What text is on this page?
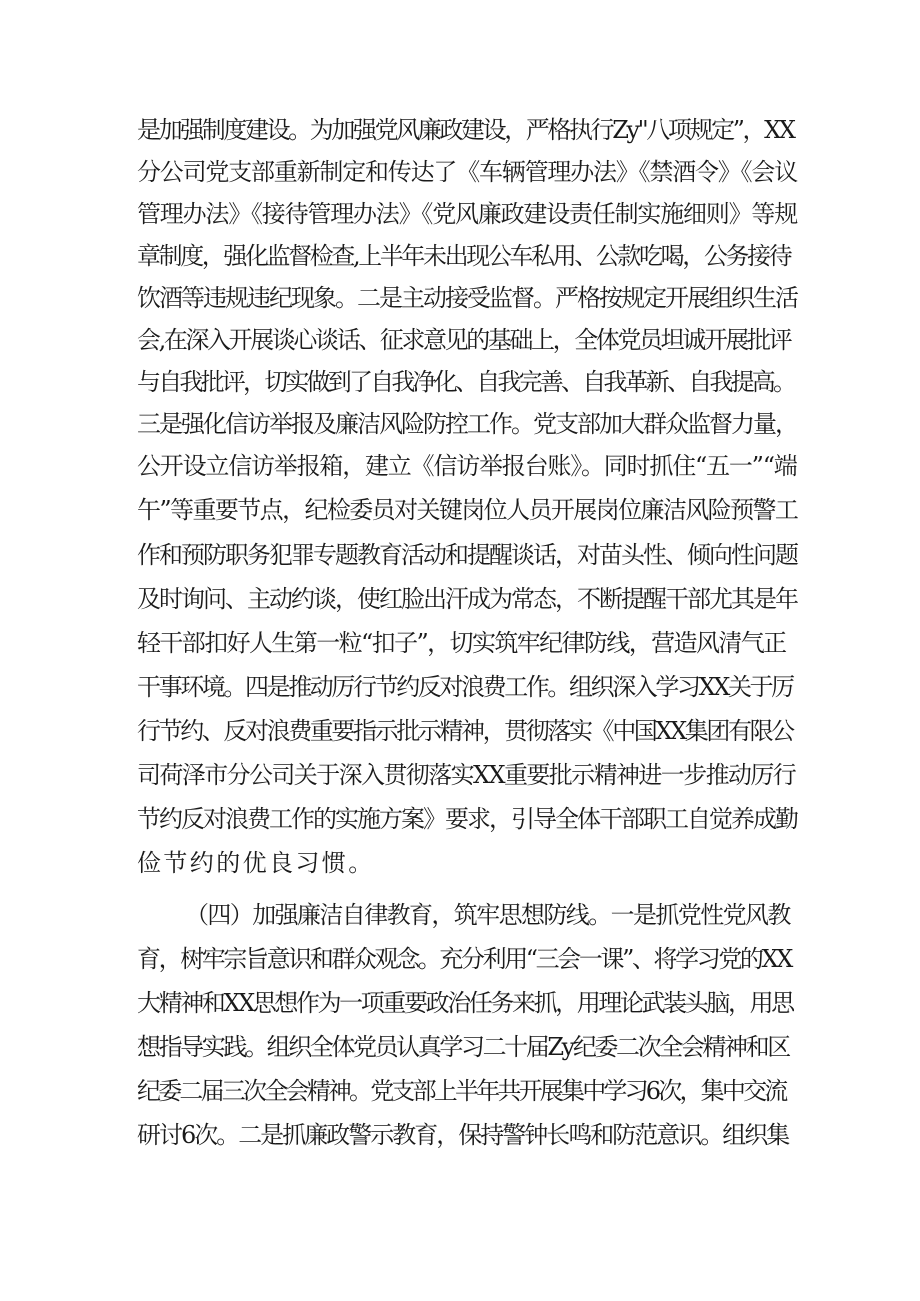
是加强制度建设。为加强党风廉政建设，严格执行Zy"八项规定”，XX
分公司党支部重新制定和传达了《车辆管理办法》《禁酒令》《会议
管理办法》《接待管理办法》《党风廉政建设责任制实施细则》等规
章制度，强化监督检查,上半年未出现公车私用、公款吃喝，公务接待
饮酒等违规违纪现象。二是主动接受监督。严格按规定开展组织生活
会,在深入开展谈心谈话、征求意见的基础上，全体党员坦诚开展批评
与自我批评，切实做到了自我净化、自我完善、自我革新、自我提高。
三是强化信访举报及廉洁风险防控工作。党支部加大群众监督力量，
公开设立信访举报箱，建立《信访举报台账》。同时抓住“五一”“端
午”等重要节点，纪检委员对关键岗位人员开展岗位廉洁风险预警工
作和预防职务犯罪专题教育活动和提醒谈话，对苗头性、倾向性问题
及时询问、主动约谈，使红脸出汗成为常态，不断提醒干部尤其是年
轻干部扣好人生第一粒“扣子”，切实筑牢纪律防线，营造风清气正
干事环境。四是推动厉行节约反对浪费工作。组织深入学习XX关于厉
行节约、反对浪费重要指示批示精神，贯彻落实《中国XX集团有限公
司荷泽市分公司关于深入贯彻落实XX重要批示精神进一步推动厉行
节约反对浪费工作的实施方案》要求，引导全体干部职工自觉养成勤
俭节约的优良习惯。
（四）加强廉洁自律教育，筑牢思想防线。一是抓党性党风教
育，树牢宗旨意识和群众观念。充分利用“三会一课”、将学习党的XX
大精神和XX思想作为一项重要政治任务来抓，用理论武装头脑，用思
想指导实践。组织全体党员认真学习二十届Zy纪委二次全会精神和区
纪委二届三次全会精神。党支部上半年共开展集中学习6次，集中交流
研讨6次。二是抓廉政警示教育，保持警钟长鸣和防范意识。组织集
